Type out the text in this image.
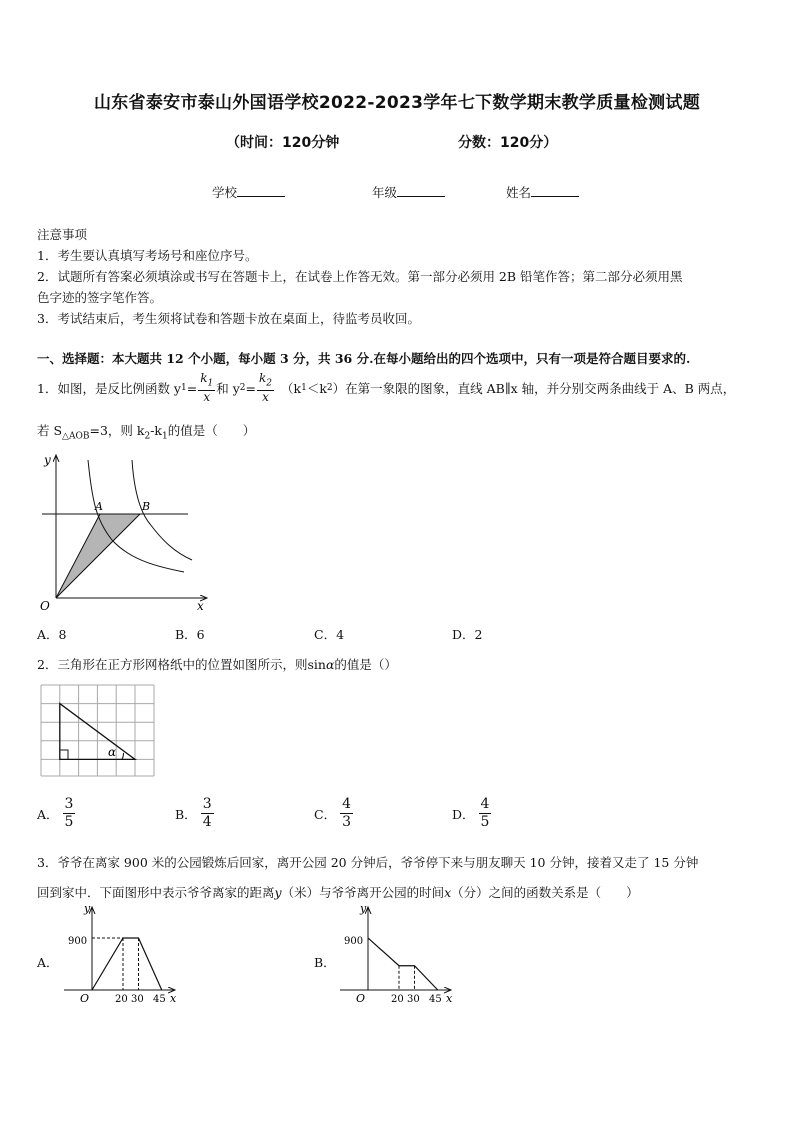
山东省泰安市泰山外国语学校2022-2023学年七下数学期末教学质量检测试题
（时间：120分钟	分数：120分）
学校	年级	姓名
注意事项
1．考生要认真填写考场号和座位序号。
2．试题所有答案必须填涂或书写在答题卡上，在试卷上作答无效。第一部分必须用 2B 铅笔作答；第二部分必须用黑
色字迹的签字笔作答。
3．考试结束后，考生须将试卷和答题卡放在桌面上，待监考员收回。
一、选择题：本大题共 12 个小题，每小题 3 分，共 36 分.在每小题给出的四个选项中，只有一项是符合题目要求的.
1．如图，是反比例函数 y $1 = \frac{k_1}{x}$ 和 y $2 = \frac{k_2}{x} (k$ 1 ＜k 2 ）在第一象限的图象，直线 AB∥x 轴，并分别交两条曲线于 A、B 两点，
若 $S_{\triangle AOB}=3$，则 $k_2-k_1$的值是（　　）
y
x
O
A	B
A．8	B．6	C．4	D．2
2．三角形在正方形网格纸中的位置如图所示，则sinα的值是（）
α
A． $\frac{3}{5}$	B． $\frac{3}{4}$	C． $\frac{4}{3}$	D． $\frac{4}{5}$
3．爷爷在离家 900 米的公园锻炼后回家，离开公园 20 分钟后，爷爷停下来与朋友聊天 10 分钟，接着又走了 15 分钟
回到家中．下面图形中表示爷爷离家的距离y（米）与爷爷离开公园的时间x（分）之间的函数关系是（　　）
A．	B．
y
x
O
900
20 30 45
y
x
O
900
20 30 45
